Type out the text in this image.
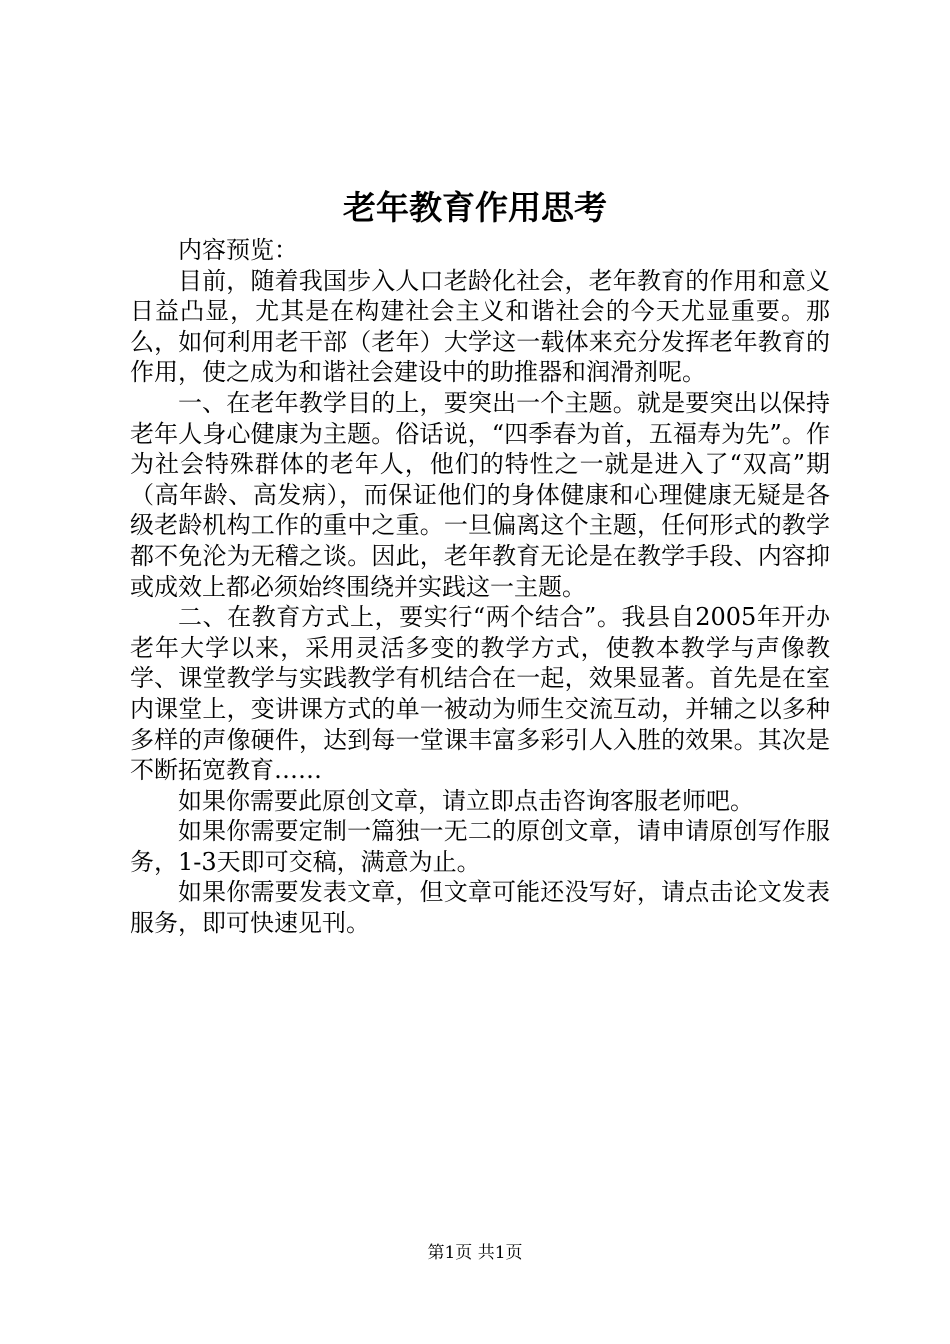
老年教育作用思考

内容预览：

目前，随着我国步入人口老龄化社会，老年教育的作用和意义日益凸显，尤其是在构建社会主义和谐社会的今天尤显重要。那么，如何利用老干部（老年）大学这一载体来充分发挥老年教育的作用，使之成为和谐社会建设中的助推器和润滑剂呢。

一、在老年教学目的上，要突出一个主题。就是要突出以保持老年人身心健康为主题。俗话说，“四季春为首，五福寿为先”。作为社会特殊群体的老年人，他们的特性之一就是进入了“双高”期（高年龄、高发病），而保证他们的身体健康和心理健康无疑是各级老龄机构工作的重中之重。一旦偏离这个主题，任何形式的教学都不免沦为无稽之谈。因此，老年教育无论是在教学手段、内容抑或成效上都必须始终围绕并实践这一主题。

二、在教育方式上，要实行“两个结合”。我县自2005年开办老年大学以来，采用灵活多变的教学方式，使教本教学与声像教学、课堂教学与实践教学有机结合在一起，效果显著。首先是在室内课堂上，变讲课方式的单一被动为师生交流互动，并辅之以多种多样的声像硬件，达到每一堂课丰富多彩引人入胜的效果。其次是不断拓宽教育……

如果你需要此原创文章，请立即点击咨询客服老师吧。

如果你需要定制一篇独一无二的原创文章，请申请原创写作服务，1-3天即可交稿，满意为止。

如果你需要发表文章，但文章可能还没写好，请点击论文发表服务，即可快速见刊。

第1页 共1页
